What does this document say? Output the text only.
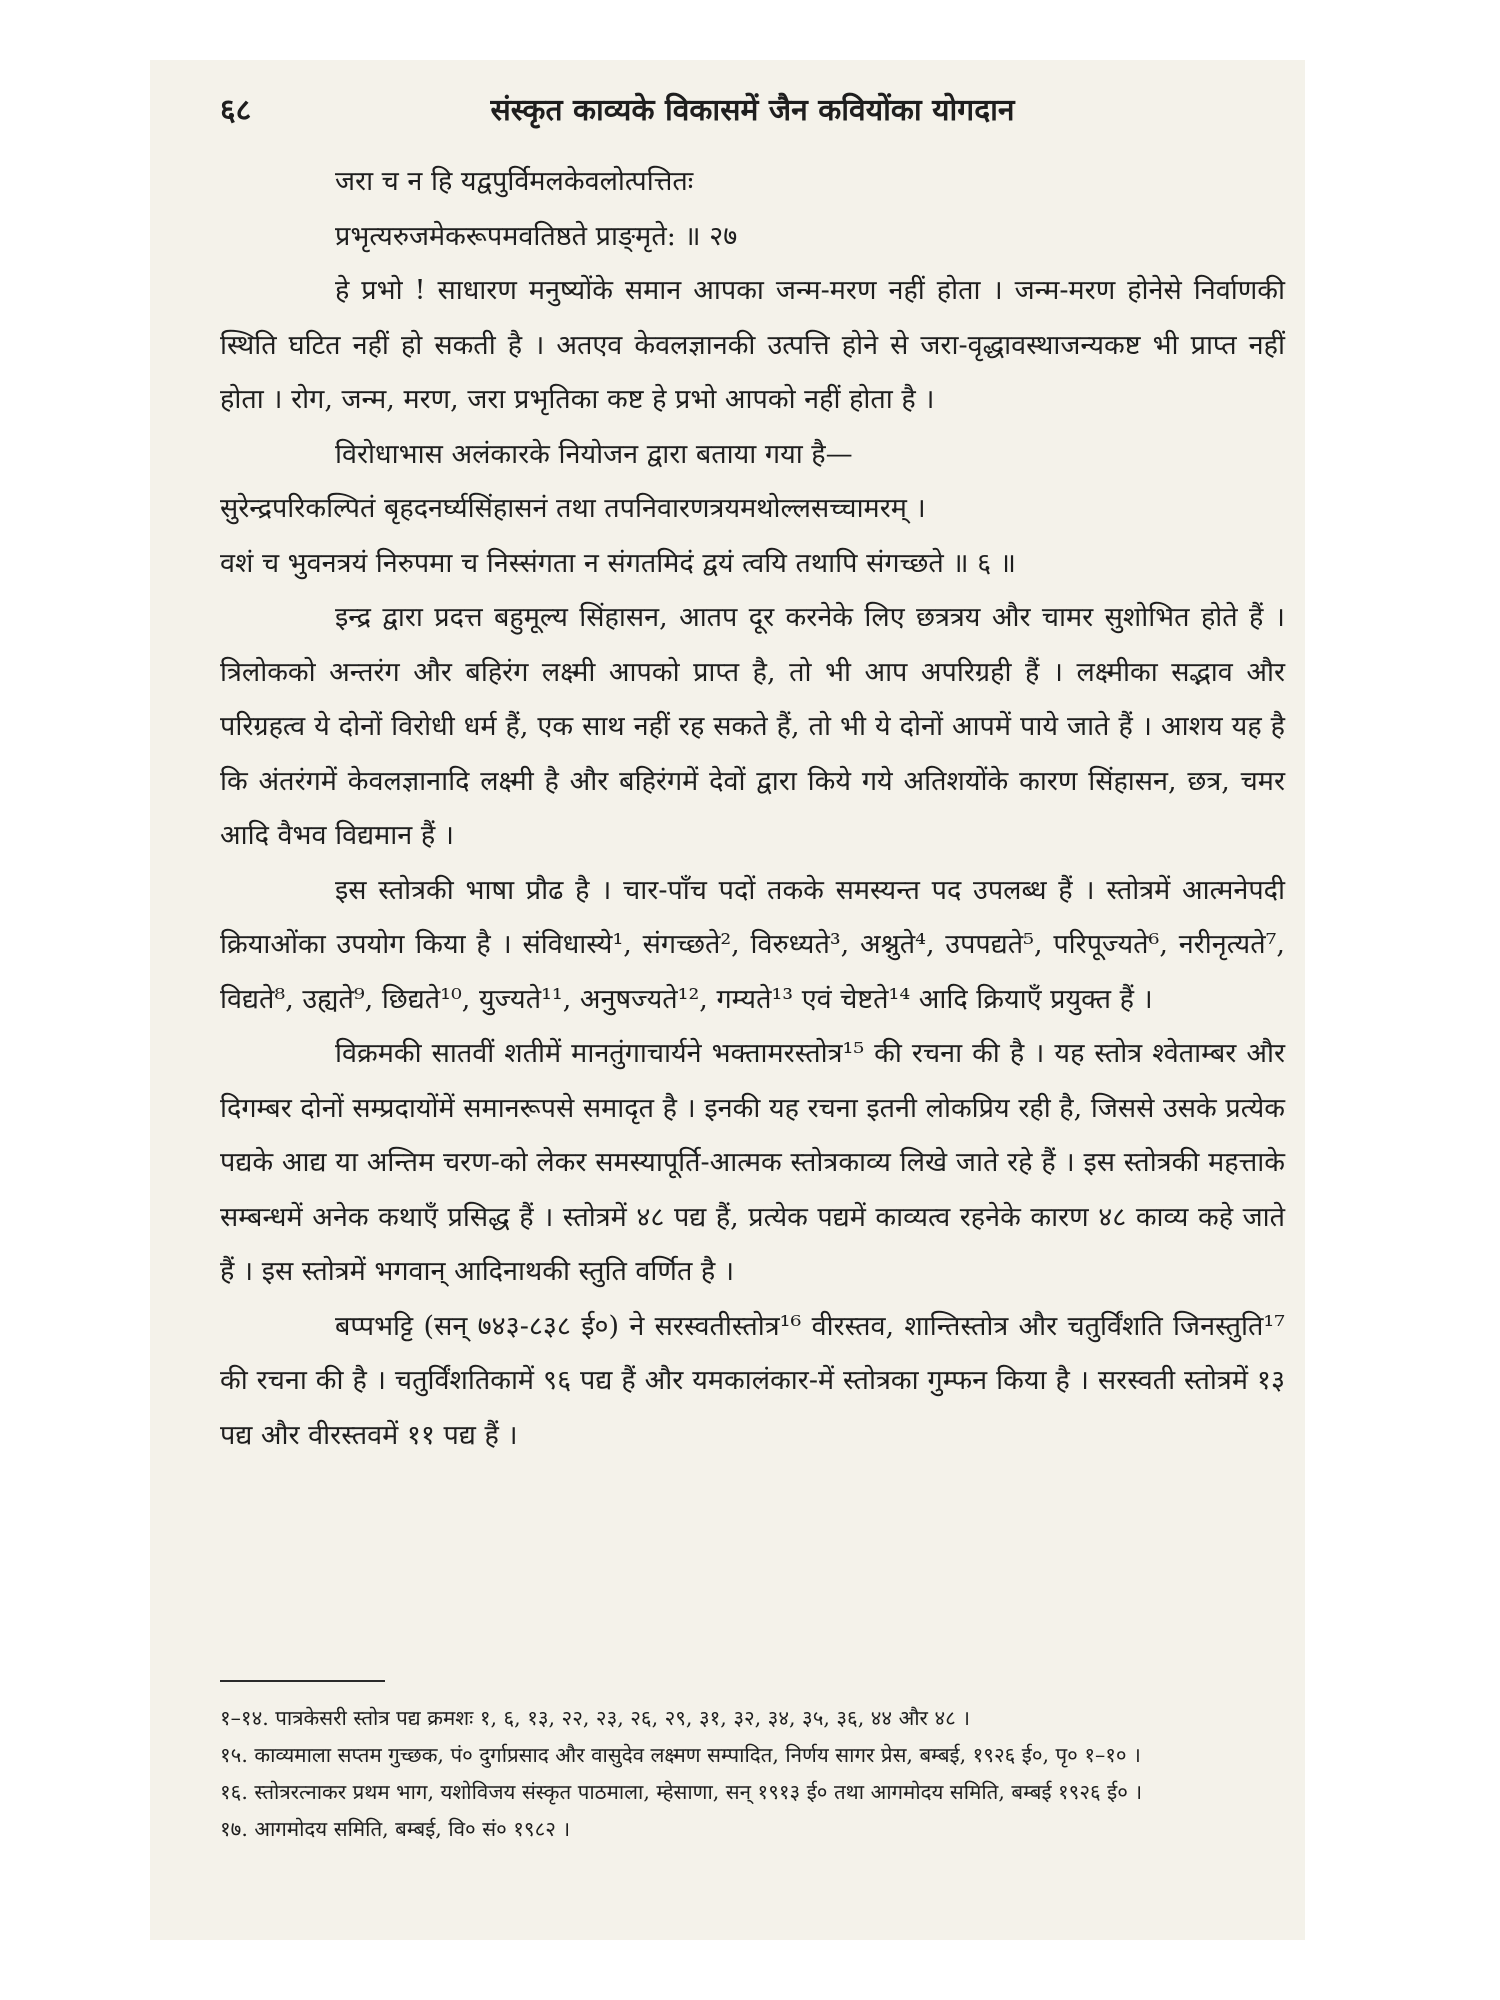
६८	संस्कृत काव्यके विकासमें जैन कवियोंका योगदान
जरा च न हि यद्वपुर्विमलकेवलोत्पत्तितः
प्रभृत्यरुजमेकरूपमवतिष्ठते प्राङ्मृते: ॥ २७

हे प्रभो ! साधारण मनुष्योंके समान आपका जन्म-मरण नहीं होता । जन्म-मरण होनेसे निर्वाणकी स्थिति घटित नहीं हो सकती है । अतएव केवलज्ञानकी उत्पत्ति होने से जरा-वृद्धावस्थाजन्यकष्ट भी प्राप्त नहीं होता । रोग, जन्म, मरण, जरा प्रभृतिका कष्ट हे प्रभो आपको नहीं होता है ।

विरोधाभास अलंकारके नियोजन द्वारा बताया गया है—

सुरेन्द्रपरिकल्पितं बृहदनर्घ्यसिंहासनं तथा तपनिवारणत्रयमथोल्लसच्चामरम् ।
वशं च भुवनत्रयं निरुपमा च निस्संगता न संगतमिदं द्वयं त्वयि तथापि संगच्छते ॥ ६ ॥

इन्द्र द्वारा प्रदत्त बहुमूल्य सिंहासन, आतप दूर करनेके लिए छत्रत्रय और चामर सुशोभित होते हैं । त्रिलोकको अन्तरंग और बहिरंग लक्ष्मी आपको प्राप्त है, तो भी आप अपरिग्रही हैं । लक्ष्मीका सद्भाव और परिग्रहत्व ये दोनों विरोधी धर्म हैं, एक साथ नहीं रह सकते हैं, तो भी ये दोनों आपमें पाये जाते हैं । आशय यह है कि अंतरंगमें केवलज्ञानादि लक्ष्मी है और बहिरंगमें देवों द्वारा किये गये अतिशयोंके कारण सिंहासन, छत्र, चमर आदि वैभव विद्यमान हैं ।

इस स्तोत्रकी भाषा प्रौढ है । चार-पाँच पदों तकके समस्यन्त पद उपलब्ध हैं । स्तोत्रमें आत्मनेपदी क्रियाओंका उपयोग किया है । संविधास्ये¹, संगच्छते², विरुध्यते³, अश्नुते⁴, उपपद्यते⁵, परिपूज्यते⁶, नरीनृत्यते⁷, विद्यते⁸, उह्यते⁹, छिद्यते¹⁰, युज्यते¹¹, अनुषज्यते¹², गम्यते¹³ एवं चेष्टते¹⁴ आदि क्रियाएँ प्रयुक्त हैं ।

विक्रमकी सातवीं शतीमें मानतुंगाचार्यने भक्तामरस्तोत्र¹⁵ की रचना की है । यह स्तोत्र श्वेताम्बर और दिगम्बर दोनों सम्प्रदायोंमें समानरूपसे समादृत है । इनकी यह रचना इतनी लोकप्रिय रही है, जिससे उसके प्रत्येक पद्यके आद्य या अन्तिम चरण-को लेकर समस्यापूर्ति-आत्मक स्तोत्रकाव्य लिखे जाते रहे हैं । इस स्तोत्रकी महत्ताके सम्बन्धमें अनेक कथाएँ प्रसिद्ध हैं । स्तोत्रमें ४८ पद्य हैं, प्रत्येक पद्यमें काव्यत्व रहनेके कारण ४८ काव्य कहे जाते हैं । इस स्तोत्रमें भगवान् आदिनाथकी स्तुति वर्णित है ।

बप्पभट्टि (सन् ७४३-८३८ ई०) ने सरस्वतीस्तोत्र¹⁶ वीरस्तव, शान्तिस्तोत्र और चतुर्विंशति जिनस्तुति¹⁷ की रचना की है । चतुर्विंशतिकामें ९६ पद्य हैं और यमकालंकार-में स्तोत्रका गुम्फन किया है । सरस्वती स्तोत्रमें १३ पद्य और वीरस्तवमें ११ पद्य हैं ।

१–१४. पात्रकेसरी स्तोत्र पद्य क्रमशः १, ६, १३, २२, २३, २६, २९, ३१, ३२, ३४, ३५, ३६, ४४ और ४८ ।

१५. काव्यमाला सप्तम गुच्छक, पं० दुर्गाप्रसाद और वासुदेव लक्ष्मण सम्पादित, निर्णय सागर प्रेस, बम्बई, १९२६ ई०, पृ० १–१० ।

१६. स्तोत्ररत्नाकर प्रथम भाग, यशोविजय संस्कृत पाठमाला, म्हेसाणा, सन् १९१३ ई० तथा आगमोदय समिति, बम्बई १९२६ ई० ।

१७. आगमोदय समिति, बम्बई, वि० सं० १९८२ ।
